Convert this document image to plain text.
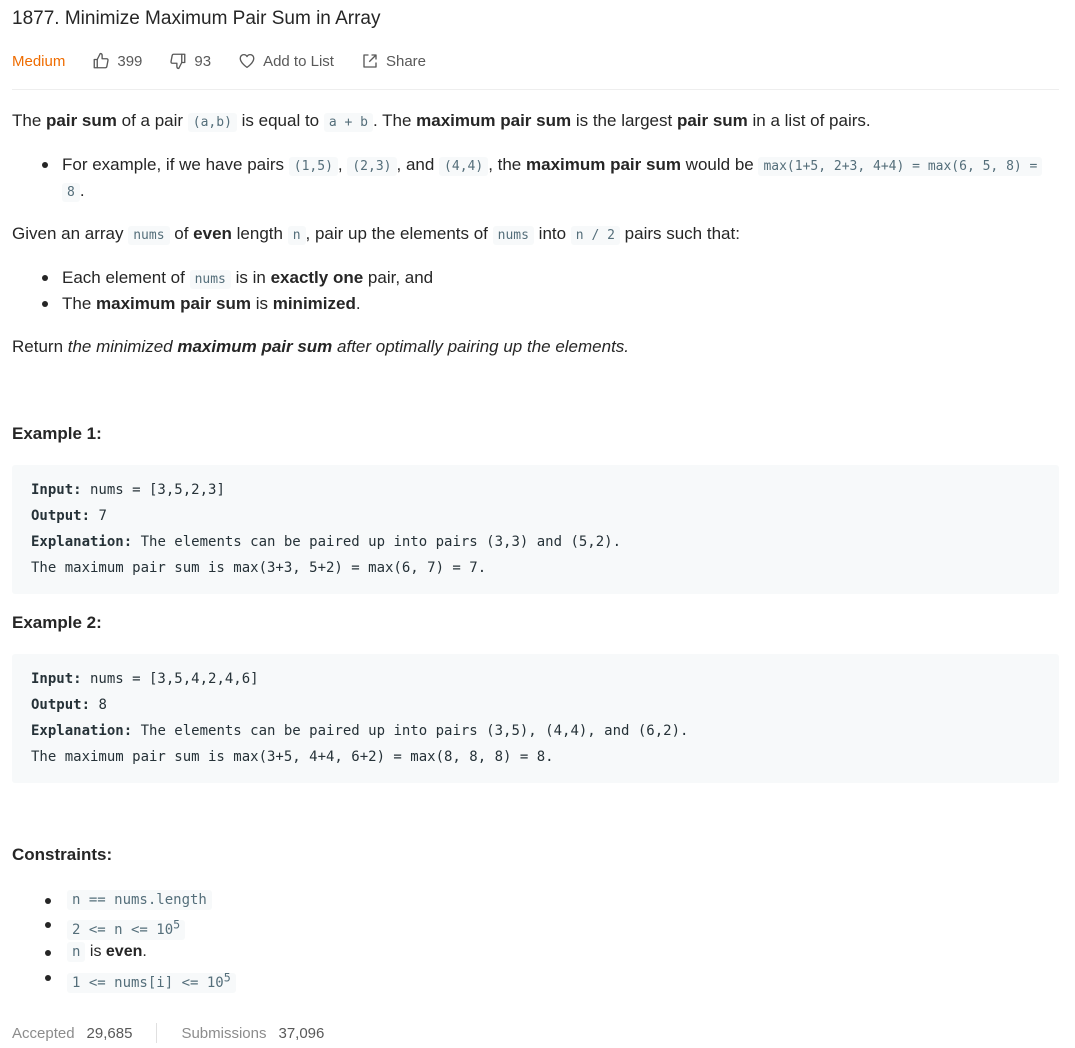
1877. Minimize Maximum Pair Sum in Array
Medium	399	93	Add to List	Share
The pair sum of a pair (a,b) is equal to a + b . The maximum pair sum is the largest pair sum in a list of pairs.
For example, if we have pairs (1,5) , (2,3) , and (4,4) , the maximum pair sum would be max(1+5, 2+3, 4+4) = max(6, 5, 8) =
8 .
Given an array nums of even length n , pair up the elements of nums into n / 2 pairs such that:
Each element of nums is in exactly one pair, and
The maximum pair sum is minimized.
Return the minimized maximum pair sum after optimally pairing up the elements.
Example 1:
Input: nums = [3,5,2,3]
Output: 7
Explanation: The elements can be paired up into pairs (3,3) and (5,2).
The maximum pair sum is max(3+3, 5+2) = max(6, 7) = 7.
Example 2:
Input: nums = [3,5,4,2,4,6]
Output: 8
Explanation: The elements can be paired up into pairs (3,5), (4,4), and (6,2).
The maximum pair sum is max(3+5, 4+4, 6+2) = max(8, 8, 8) = 8.
Constraints:
n == nums.length
$2 <= n <= 10^5$
n is even.
1 <= nums[i] <= $10^5$
Accepted 29,685	Submissions 37,096
